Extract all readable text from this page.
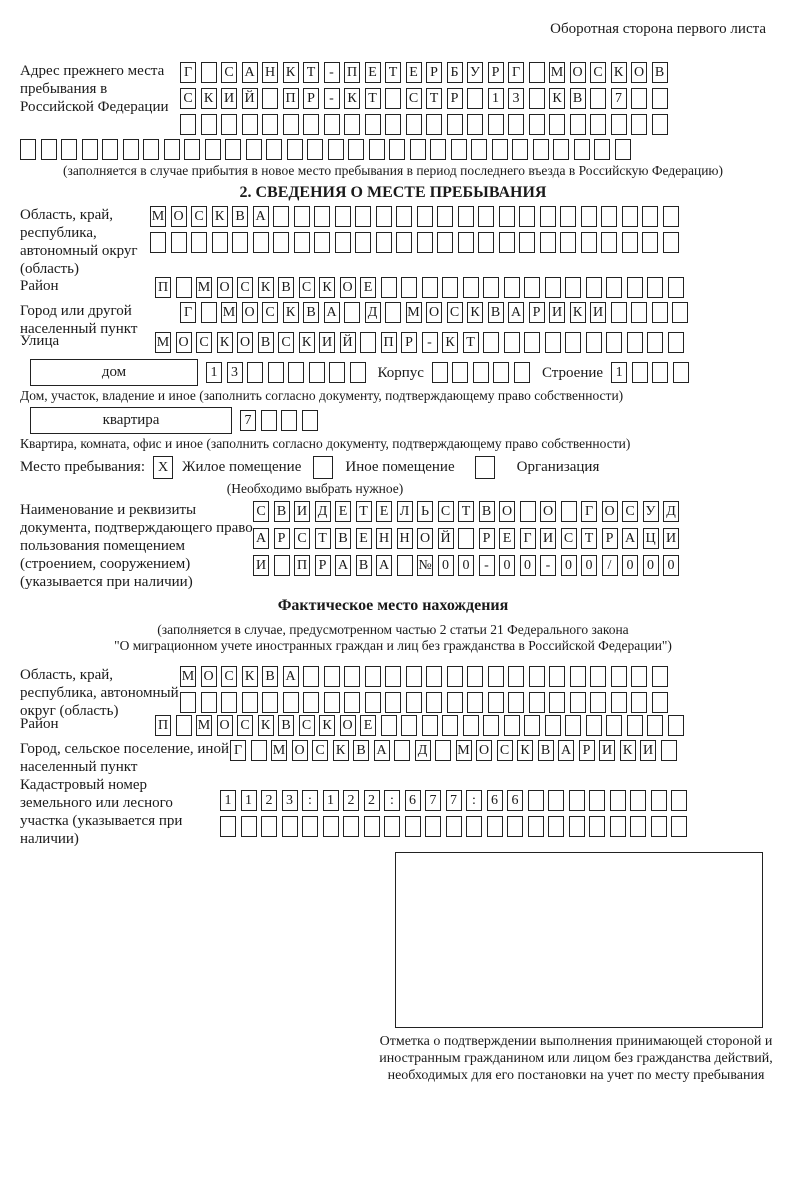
Оборотная сторона первого листа
Адрес прежнего места пребывания в Российской Федерации
Г С А Н К Т - П Е Т Е Р Б У Р Г М О С К О В
С К И Й П Р	- К Т С Т Р	1 3	К В	7
(заполняется в случае прибытия в новое место пребывания в период последнего въезда в Российскую Федерацию)
2. СВЕДЕНИЯ О МЕСТЕ ПРЕБЫВАНИЯ
Область, край, республика, автономный округ (область)
М О С К В А
Район	П М О С К В С К О Е
Город или другой населенный пункт
Г М О С К В А Д М О С К В А Р И К И
Улица	М О С К О В С К И Й П Р	- К Т
дом	1 3	Корпус	Строение 1
Дом, участок, владение и иное (заполнить согласно документу, подтверждающему право собственности)
квартира	7
Квартира, комната, офис и иное (заполнить согласно документу, подтверждающему право собственности)
Место пребывания: X Жилое помещение	Иное помещение	Организация
(Необходимо выбрать нужное)
Наименование и реквизиты документа, подтверждающего право пользования помещением (строением, сооружением) (указывается при наличии)
С В И Д Е Т Е Л Ь С Т В О О Г О С У Д
А Р С Т В Е Н Н О Й Р Е Г И С Т Р А Ц И
И П Р А В А № 0 0	-	0 0	-	0 0	/	0 0 0
Фактическое место нахождения
(заполняется в случае, предусмотренном частью 2 статьи 21 Федерального закона
"О миграционном учете иностранных граждан и лиц без гражданства в Российской Федерации")
Область, край, республика, автономный округ (область)
М О С К В А
Район	П М О С К В С К О Е
Город, сельское поселение, иной населенный пункт
Г М О С К В А Д М О С К В А Р И К И
Кадастровый номер земельного или лесного участка (указывается при наличии)
1 1 2 3	:	1 2 2	:	6 7 7	:	6 6
Отметка о подтверждении выполнения принимающей стороной и иностранным гражданином или лицом без гражданства действий, необходимых для его постановки на учет по месту пребывания
